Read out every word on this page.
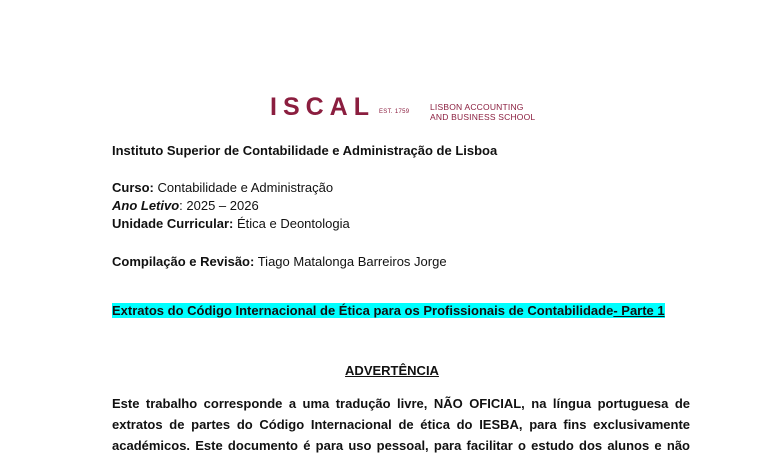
ISCAL EST. 1759 LISBON ACCOUNTING
AND BUSINESS SCHOOL
Instituto Superior de Contabilidade e Administração de Lisboa
Curso: Contabilidade e Administração
Ano Letivo: 2025 – 2026
Unidade Curricular: Ética e Deontologia
Compilação e Revisão: Tiago Matalonga Barreiros Jorge
Extratos do Código Internacional de Ética para os Profissionais de Contabilidade- Parte 1
ADVERTÊNCIA
Este trabalho corresponde a uma tradução livre, NÃO OFICIAL, na língua portuguesa de
extratos de partes do Código Internacional de ética do IESBA, para fins exclusivamente
académicos. Este documento é para uso pessoal, para facilitar o estudo dos alunos e não
